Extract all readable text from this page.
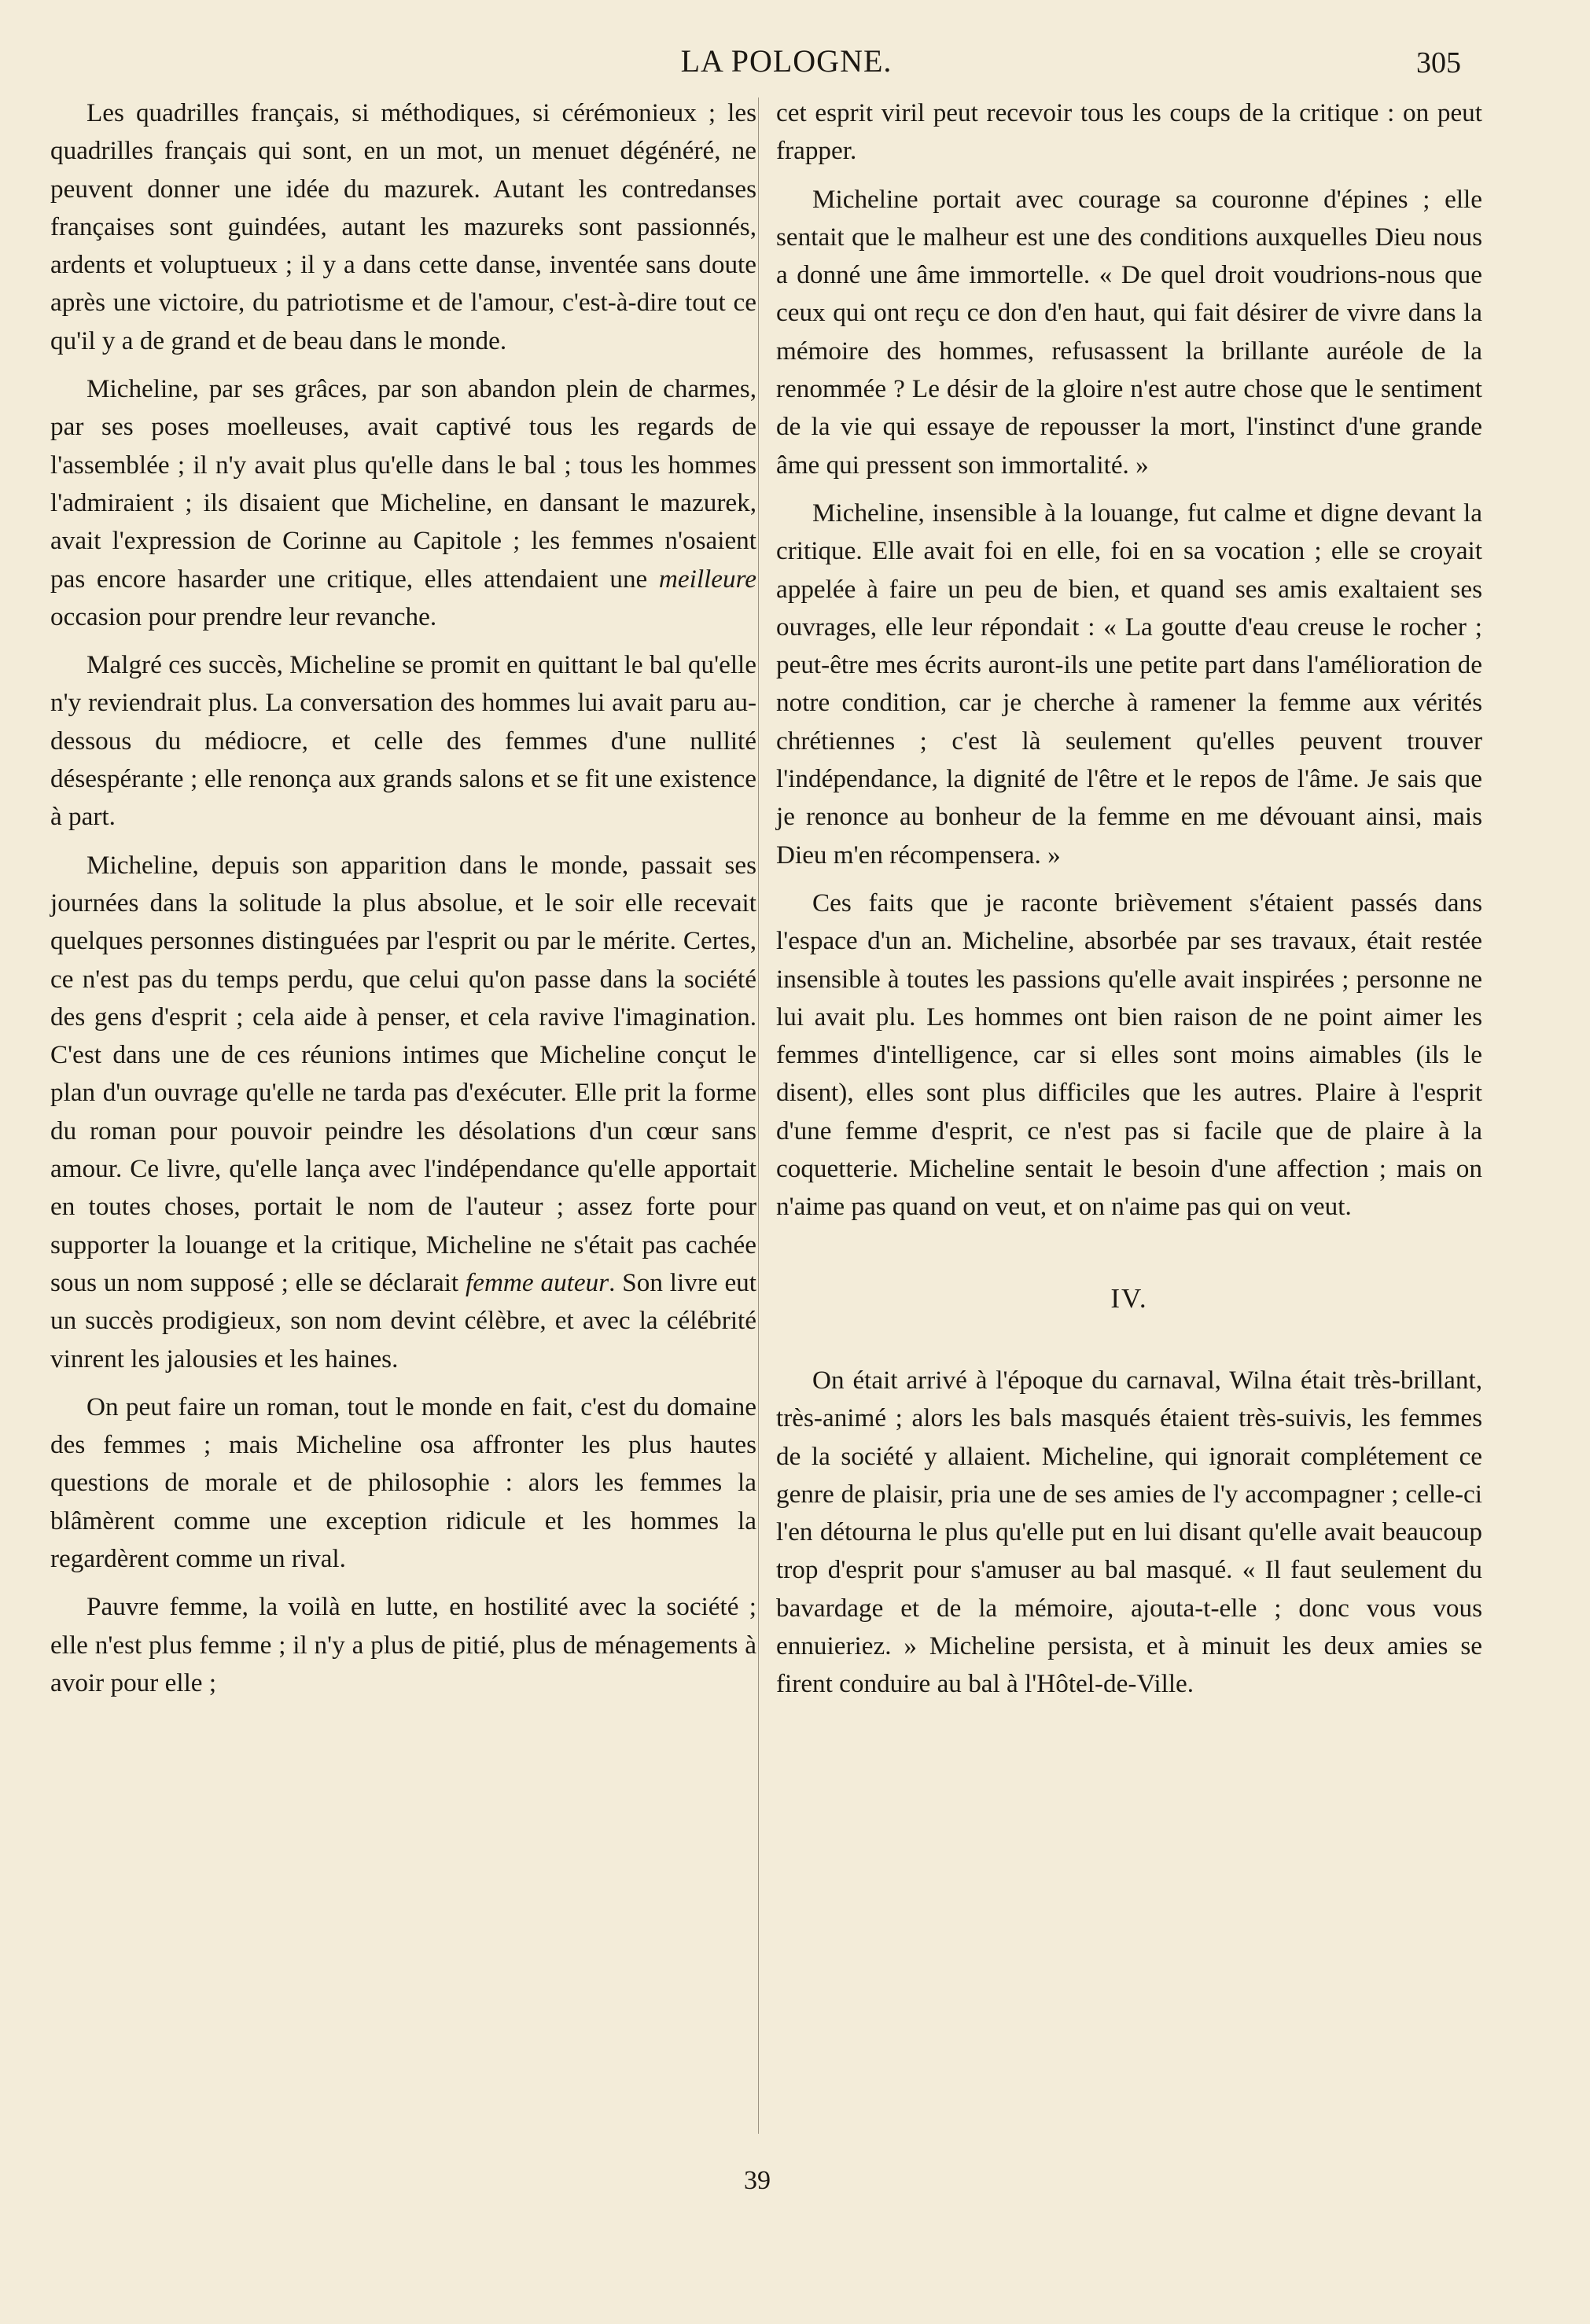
LA POLOGNE.	305

Les quadrilles français, si méthodiques, si cérémonieux ; les quadrilles français qui sont, en un mot, un menuet dégénéré, ne peuvent donner une idée du mazurek. Autant les contredanses françaises sont guindées, autant les mazureks sont passionnés, ardents et voluptueux ; il y a dans cette danse, inventée sans doute après une victoire, du patriotisme et de l'amour, c'est-à-dire tout ce qu'il y a de grand et de beau dans le monde.

Micheline, par ses grâces, par son abandon plein de charmes, par ses poses moelleuses, avait captivé tous les regards de l'assemblée ; il n'y avait plus qu'elle dans le bal ; tous les hommes l'admiraient ; ils disaient que Micheline, en dansant le mazurek, avait l'expression de Corinne au Capitole ; les femmes n'osaient pas encore hasarder une critique, elles attendaient une meilleure occasion pour prendre leur revanche.

Malgré ces succès, Micheline se promit en quittant le bal qu'elle n'y reviendrait plus. La conversation des hommes lui avait paru au-dessous du médiocre, et celle des femmes d'une nullité désespérante ; elle renonça aux grands salons et se fit une existence à part.

Micheline, depuis son apparition dans le monde, passait ses journées dans la solitude la plus absolue, et le soir elle recevait quelques personnes distinguées par l'esprit ou par le mérite. Certes, ce n'est pas du temps perdu, que celui qu'on passe dans la société des gens d'esprit ; cela aide à penser, et cela ravive l'imagination. C'est dans une de ces réunions intimes que Micheline conçut le plan d'un ouvrage qu'elle ne tarda pas d'exécuter. Elle prit la forme du roman pour pouvoir peindre les désolations d'un cœur sans amour. Ce livre, qu'elle lança avec l'indépendance qu'elle apportait en toutes choses, portait le nom de l'auteur ; assez forte pour supporter la louange et la critique, Micheline ne s'était pas cachée sous un nom supposé ; elle se déclarait femme auteur. Son livre eut un succès prodigieux, son nom devint célèbre, et avec la célébrité vinrent les jalousies et les haines.

On peut faire un roman, tout le monde en fait, c'est du domaine des femmes ; mais Micheline osa affronter les plus hautes questions de morale et de philosophie : alors les femmes la blâmèrent comme une exception ridicule et les hommes la regardèrent comme un rival.

Pauvre femme, la voilà en lutte, en hostilité avec la société ; elle n'est plus femme ; il n'y a plus de pitié, plus de ménagements à avoir pour elle ;

cet esprit viril peut recevoir tous les coups de la critique : on peut frapper.

Micheline portait avec courage sa couronne d'épines ; elle sentait que le malheur est une des conditions auxquelles Dieu nous a donné une âme immortelle. « De quel droit voudrions-nous que ceux qui ont reçu ce don d'en haut, qui fait désirer de vivre dans la mémoire des hommes, refusassent la brillante auréole de la renommée ? Le désir de la gloire n'est autre chose que le sentiment de la vie qui essaye de repousser la mort, l'instinct d'une grande âme qui pressent son immortalité. »

Micheline, insensible à la louange, fut calme et digne devant la critique. Elle avait foi en elle, foi en sa vocation ; elle se croyait appelée à faire un peu de bien, et quand ses amis exaltaient ses ouvrages, elle leur répondait : « La goutte d'eau creuse le rocher ; peut-être mes écrits auront-ils une petite part dans l'amélioration de notre condition, car je cherche à ramener la femme aux vérités chrétiennes ; c'est là seulement qu'elles peuvent trouver l'indépendance, la dignité de l'être et le repos de l'âme. Je sais que je renonce au bonheur de la femme en me dévouant ainsi, mais Dieu m'en récompensera. »

Ces faits que je raconte brièvement s'étaient passés dans l'espace d'un an. Micheline, absorbée par ses travaux, était restée insensible à toutes les passions qu'elle avait inspirées ; personne ne lui avait plu. Les hommes ont bien raison de ne point aimer les femmes d'intelligence, car si elles sont moins aimables (ils le disent), elles sont plus difficiles que les autres. Plaire à l'esprit d'une femme d'esprit, ce n'est pas si facile que de plaire à la coquetterie. Micheline sentait le besoin d'une affection ; mais on n'aime pas quand on veut, et on n'aime pas qui on veut.

IV.

On était arrivé à l'époque du carnaval, Wilna était très-brillant, très-animé ; alors les bals masqués étaient très-suivis, les femmes de la société y allaient. Micheline, qui ignorait complétement ce genre de plaisir, pria une de ses amies de l'y accompagner ; celle-ci l'en détourna le plus qu'elle put en lui disant qu'elle avait beaucoup trop d'esprit pour s'amuser au bal masqué. « Il faut seulement du bavardage et de la mémoire, ajouta-t-elle ; donc vous vous ennuieriez. » Micheline persista, et à minuit les deux amies se firent conduire au bal à l'Hôtel-de-Ville.

39
